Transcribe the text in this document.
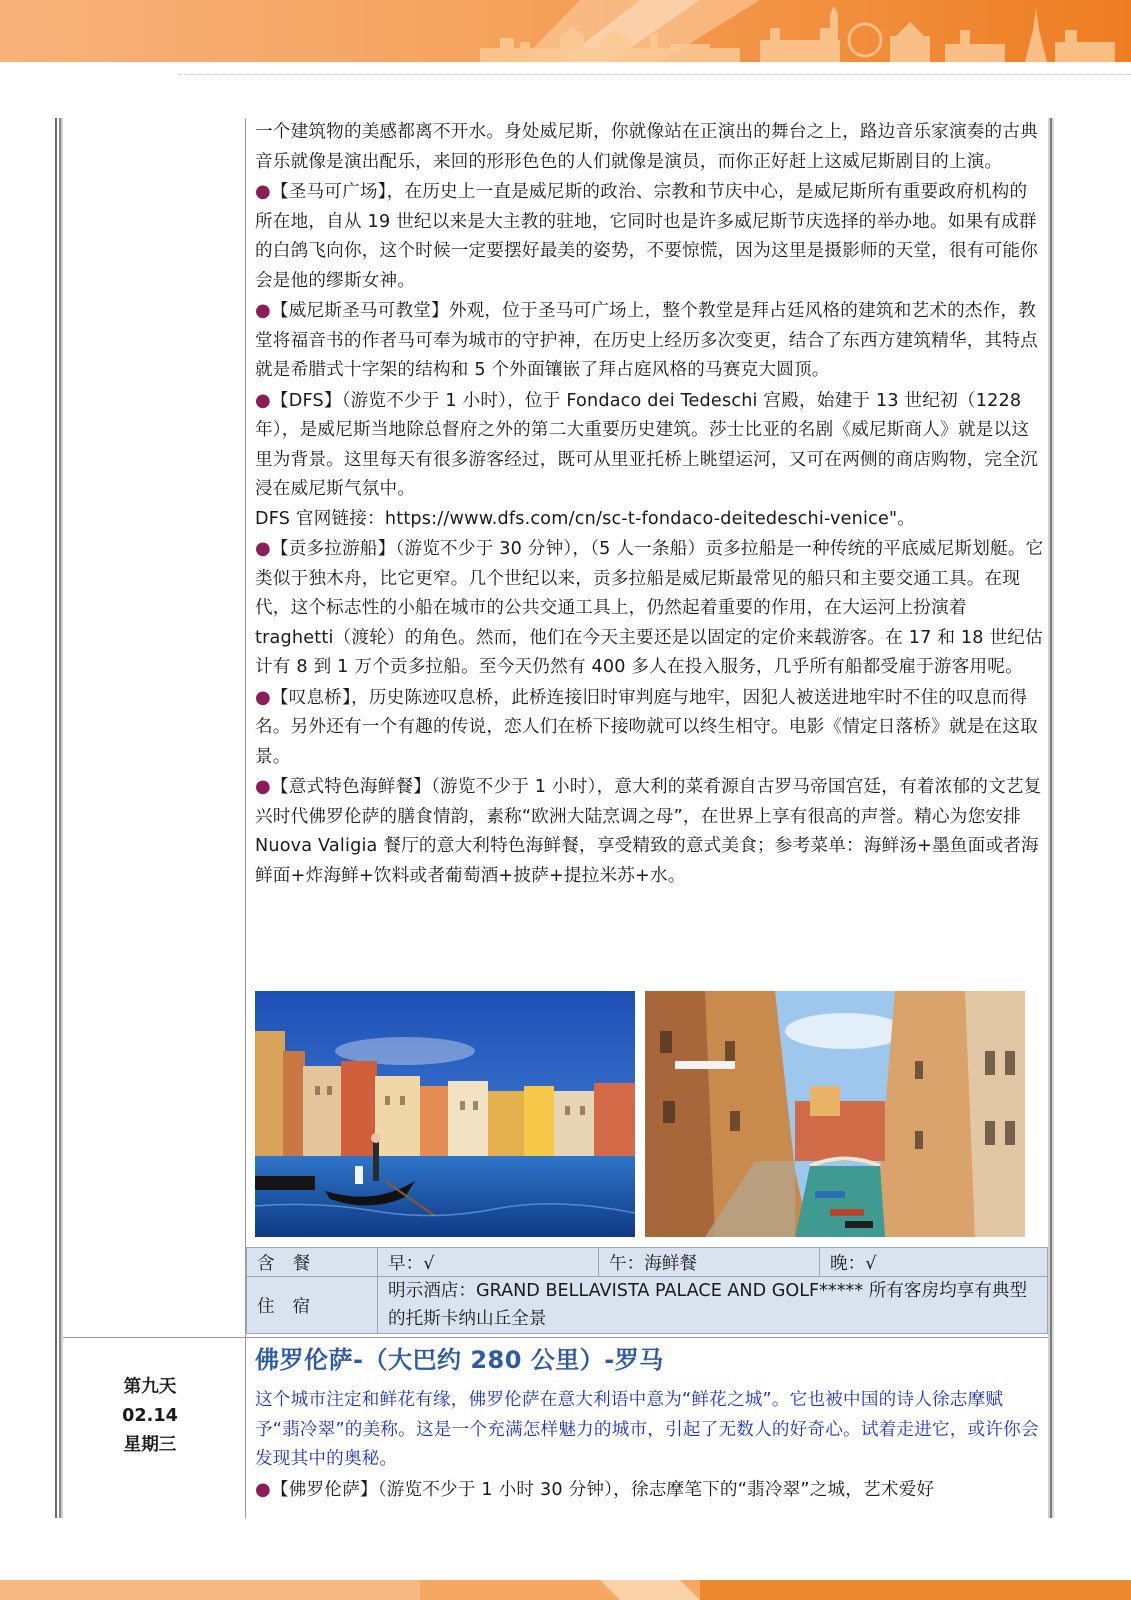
一个建筑物的美感都离不开水。身处威尼斯，你就像站在正演出的舞台之上，路边音乐家演奏的古典音乐就像是演出配乐，来回的形形色色的人们就像是演员，而你正好赶上这威尼斯剧目的上演。

●【圣马可广场】，在历史上一直是威尼斯的政治、宗教和节庆中心，是威尼斯所有重要政府机构的所在地，自从 19 世纪以来是大主教的驻地，它同时也是许多威尼斯节庆选择的举办地。如果有成群的白鸽飞向你，这个时候一定要摆好最美的姿势，不要惊慌，因为这里是摄影师的天堂，很有可能你会是他的缪斯女神。

●【威尼斯圣马可教堂】外观，位于圣马可广场上，整个教堂是拜占廷风格的建筑和艺术的杰作，教堂将福音书的作者马可奉为城市的守护神，在历史上经历多次变更，结合了东西方建筑精华，其特点就是希腊式十字架的结构和 5 个外面镶嵌了拜占庭风格的马赛克大圆顶。

●【DFS】（游览不少于 1 小时），位于 Fondaco dei Tedeschi 宫殿，始建于 13 世纪初（1228 年），是威尼斯当地除总督府之外的第二大重要历史建筑。莎士比亚的名剧《威尼斯商人》就是以这里为背景。这里每天有很多游客经过，既可从里亚托桥上眺望运河，又可在两侧的商店购物，完全沉浸在威尼斯气氛中。

DFS 官网链接：https://www.dfs.com/cn/sc-t-fondaco-deitedeschi-venice"。

●【贡多拉游船】（游览不少于 30 分钟），（5 人一条船）贡多拉船是一种传统的平底威尼斯划艇。它类似于独木舟，比它更窄。几个世纪以来，贡多拉船是威尼斯最常见的船只和主要交通工具。在现代，这个标志性的小船在城市的公共交通工具上，仍然起着重要的作用，在大运河上扮演着 traghetti（渡轮）的角色。然而，他们在今天主要还是以固定的定价来载游客。在 17 和 18 世纪估计有 8 到 1 万个贡多拉船。至今天仍然有 400 多人在投入服务，几乎所有船都受雇于游客用呢。

●【叹息桥】，历史陈迹叹息桥，此桥连接旧时审判庭与地牢，因犯人被送进地牢时不住的叹息而得名。另外还有一个有趣的传说，恋人们在桥下接吻就可以终生相守。电影《情定日落桥》就是在这取景。

●【意式特色海鲜餐】（游览不少于 1 小时），意大利的菜肴源自古罗马帝国宫廷，有着浓郁的文艺复兴时代佛罗伦萨的膳食情韵，素称“欧洲大陆烹调之母”，在世界上享有很高的声誉。精心为您安排 Nuova Valigia 餐厅的意大利特色海鲜餐，享受精致的意式美食；参考菜单：海鲜汤+墨鱼面或者海鲜面+炸海鲜+饮料或者葡萄酒+披萨+提拉米苏+水。

含餐	早：√	午：海鲜餐	晚：√
住宿	明示酒店：GRAND BELLAVISTA PALACE AND GOLF***** 所有客房均享有典型的托斯卡纳山丘全景		
第九天
02.14
星期三
佛罗伦萨-（大巴约 280 公里）-罗马

这个城市注定和鲜花有缘，佛罗伦萨在意大利语中意为“鲜花之城”。它也被中国的诗人徐志摩赋予“翡冷翠”的美称。这是一个充满怎样魅力的城市，引起了无数人的好奇心。试着走进它，或许你会发现其中的奥秘。

●【佛罗伦萨】（游览不少于 1 小时 30 分钟），徐志摩笔下的“翡冷翠”之城，艺术爱好
